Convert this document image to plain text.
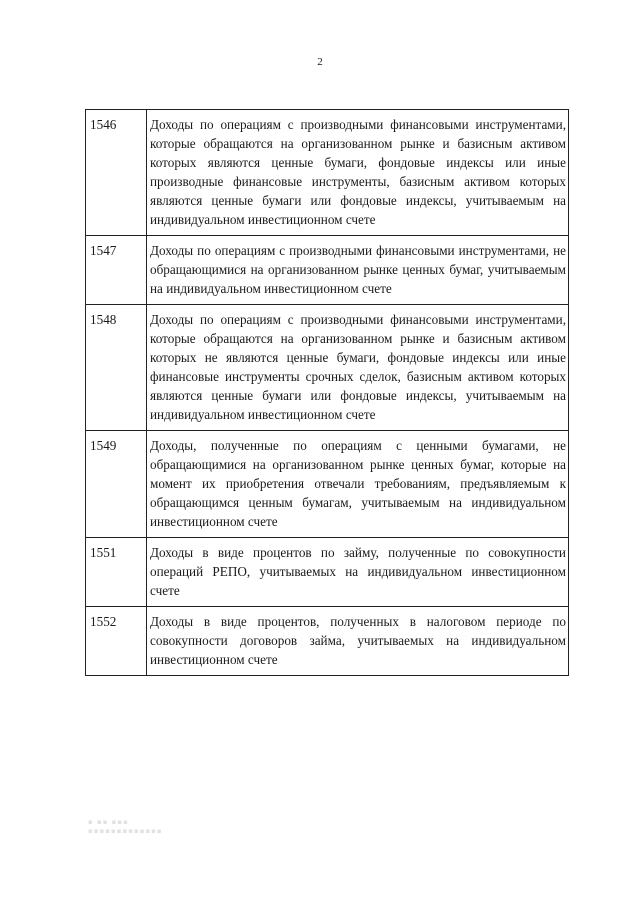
2
1546	Доходы по операциям с производными финансовыми инструментами, которые обращаются на организованном рынке и базисным активом которых являются ценные бумаги, фондовые индексы или иные производные финансовые инструменты, базисным активом которых являются ценные бумаги или фондовые индексы, учитываемым на индивидуальном инвестиционном счете
1547	Доходы по операциям с производными финансовыми инструментами, не обращающимися на организованном рынке ценных бумаг, учитываемым на индивидуальном инвестиционном счете
1548	Доходы по операциям с производными финансовыми инструментами, которые обращаются на организованном рынке и базисным активом которых не являются ценные бумаги, фондовые индексы или иные финансовые инструменты срочных сделок, базисным активом которых являются ценные бумаги или фондовые индексы, учитываемым на индивидуальном инвестиционном счете
1549	Доходы, полученные по операциям с ценными бумагами, не обращающимися на организованном рынке ценных бумаг, которые на момент их приобретения отвечали требованиям, предъявляемым к обращающимся ценным бумагам, учитываемым на индивидуальном инвестиционном счете
1551	Доходы в виде процентов по займу, полученные по совокупности операций РЕПО, учитываемых на индивидуальном инвестиционном счете
1552	Доходы в виде процентов, полученных в налоговом периоде по совокупности договоров займа, учитываемых на индивидуальном инвестиционном счете
▪ ▪▪ ▪▪▪
▪▪▪▪▪▪▪▪▪▪▪▪▪
